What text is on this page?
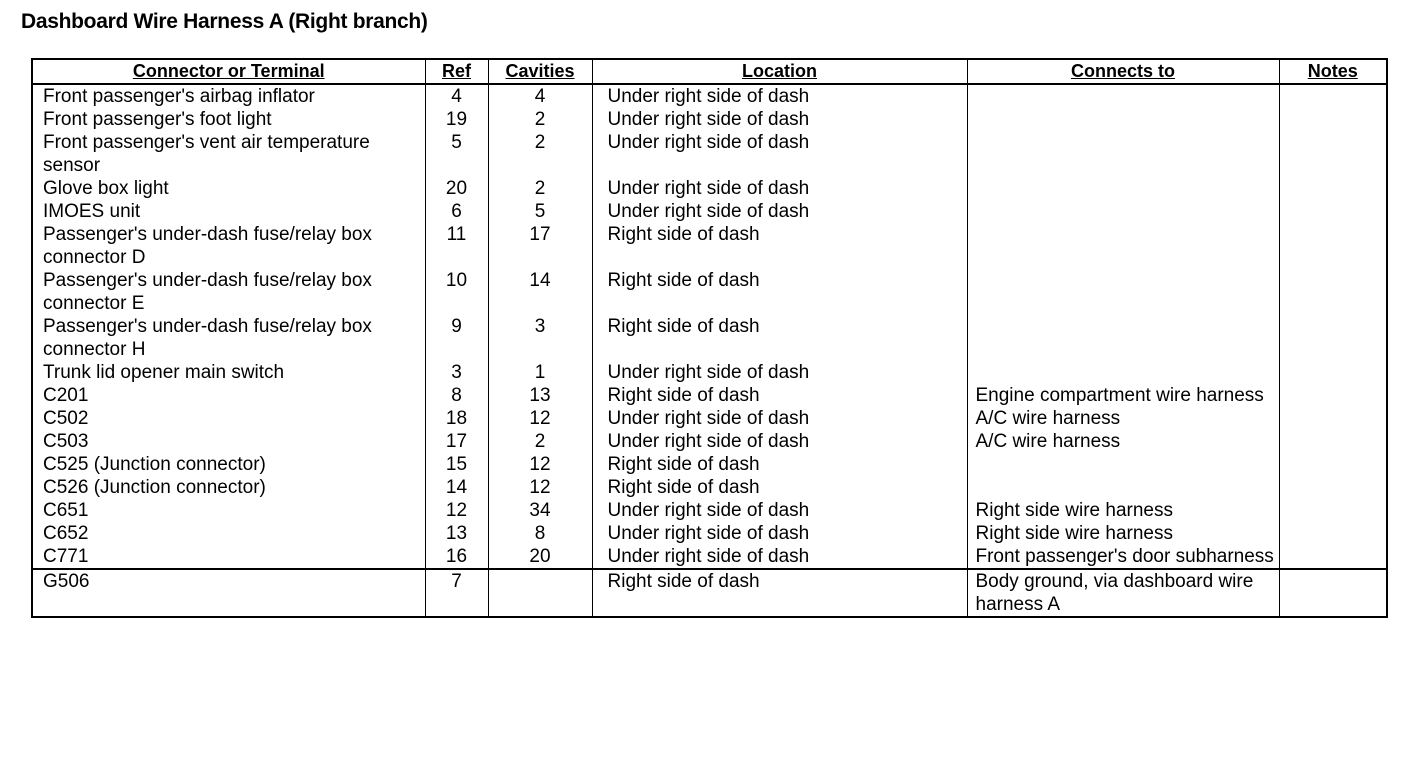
Dashboard Wire Harness A (Right branch)
Connector or Terminal	Ref	Cavities	Location	Connects to	Notes
Front passenger's airbag inflator	4	4	Under right side of dash		
Front passenger's foot light	19	2	Under right side of dash		
Front passenger's vent air temperature sensor	5	2	Under right side of dash		
Glove box light	20	2	Under right side of dash		
IMOES unit	6	5	Under right side of dash		
Passenger's under-dash fuse/relay box connector D	11	17	Right side of dash		
Passenger's under-dash fuse/relay box connector E	10	14	Right side of dash		
Passenger's under-dash fuse/relay box connector H	9	3	Right side of dash		
Trunk lid opener main switch	3	1	Under right side of dash		
C201	8	13	Right side of dash	Engine compartment wire harness	
C502	18	12	Under right side of dash	A/C wire harness	
C503	17	2	Under right side of dash	A/C wire harness	
C525 (Junction connector)	15	12	Right side of dash		
C526 (Junction connector)	14	12	Right side of dash		
C651	12	34	Under right side of dash	Right side wire harness	
C652	13	8	Under right side of dash	Right side wire harness	
C771	16	20	Under right side of dash	Front passenger's door subharness	
G506	7		Right side of dash	Body ground, via dashboard wire harness A	
